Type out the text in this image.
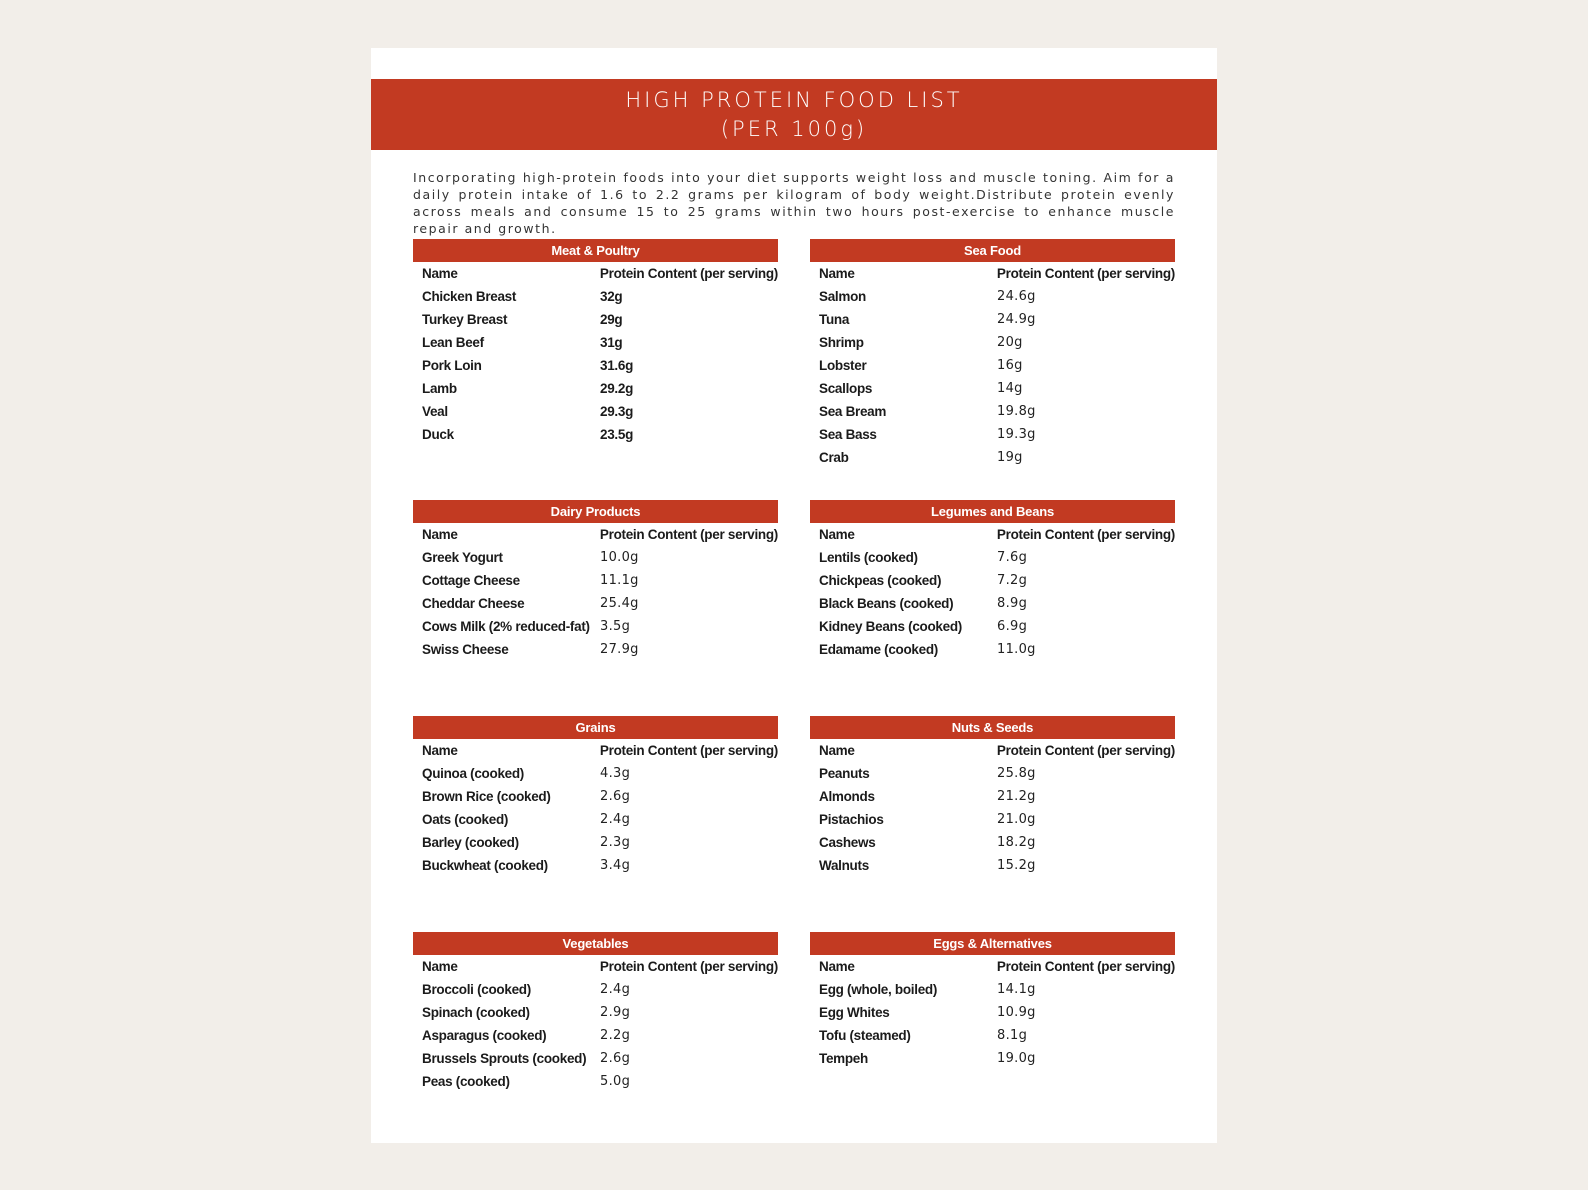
HIGH PROTEIN FOOD LIST
(PER 100g)
Incorporating high-protein foods into your diet supports weight loss and muscle toning. Aim for a daily protein intake of 1.6 to 2.2 grams per kilogram of body weight.Distribute protein evenly across meals and consume 15 to 25 grams within two hours post-exercise to enhance muscle repair and growth.
Meat & Poultry
Name	Protein Content (per serving)
Chicken Breast	32g
Turkey Breast	29g
Lean Beef	31g
Pork Loin	31.6g
Lamb	29.2g
Veal	29.3g
Duck	23.5g
Sea Food
Name	Protein Content (per serving)
Salmon	24.6g
Tuna	24.9g
Shrimp	20g
Lobster	16g
Scallops	14g
Sea Bream	19.8g
Sea Bass	19.3g
Crab	19g
Dairy Products
Name	Protein Content (per serving)
Greek Yogurt	10.0g
Cottage Cheese	11.1g
Cheddar Cheese	25.4g
Cows Milk (2% reduced-fat) 3.5g
Swiss Cheese	27.9g
Legumes and Beans
Name	Protein Content (per serving)
Lentils (cooked)	7.6g
Chickpeas (cooked)	7.2g
Black Beans (cooked)	8.9g
Kidney Beans (cooked)	6.9g
Edamame (cooked)	11.0g
Grains
Name	Protein Content (per serving)
Quinoa (cooked)	4.3g
Brown Rice (cooked)	2.6g
Oats (cooked)	2.4g
Barley (cooked)	2.3g
Buckwheat (cooked)	3.4g
Nuts & Seeds
Name	Protein Content (per serving)
Peanuts	25.8g
Almonds	21.2g
Pistachios	21.0g
Cashews	18.2g
Walnuts	15.2g
Vegetables
Name	Protein Content (per serving)
Broccoli (cooked)	2.4g
Spinach (cooked)	2.9g
Asparagus (cooked)	2.2g
Brussels Sprouts (cooked)	2.6g
Peas (cooked)	5.0g
Eggs & Alternatives
Name	Protein Content (per serving)
Egg (whole, boiled)	14.1g
Egg Whites	10.9g
Tofu (steamed)	8.1g
Tempeh	19.0g
